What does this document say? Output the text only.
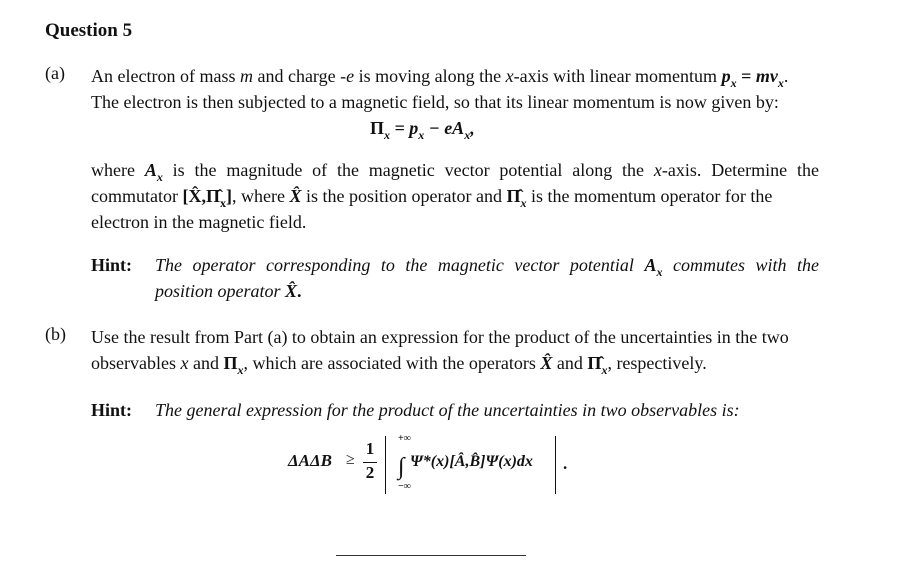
Question 5
(a) An electron of mass m and charge -e is moving along the x-axis with linear momentum $p_x = mv_x$.
The electron is then subjected to a magnetic field, so that its linear momentum is now given by:
$\Pi_x = p_x - eA_x$,
where $A_x$ is the magnitude of the magnetic vector potential along the x-axis. Determine the
commutator $[X̂,\Pî_x]$, where X̂ is the position operator and $\Pî_x$ is the momentum operator for the
electron in the magnetic field.
Hint: The operator corresponding to the magnetic vector potential $A_x$ commutes with the
position operator X̂.
(b) Use the result from Part (a) to obtain an expression for the product of the uncertainties in the two
observables x and $\Pi_x$, which are associated with the operators X̂ and $\Pî_x$, respectively.
Hint: The general expression for the product of the uncertainties in two observables is:
ΔAΔB ≥
1
2
+∞
∫
−∞
Ψ*(x)[Â,B̂]Ψ(x)dx .
